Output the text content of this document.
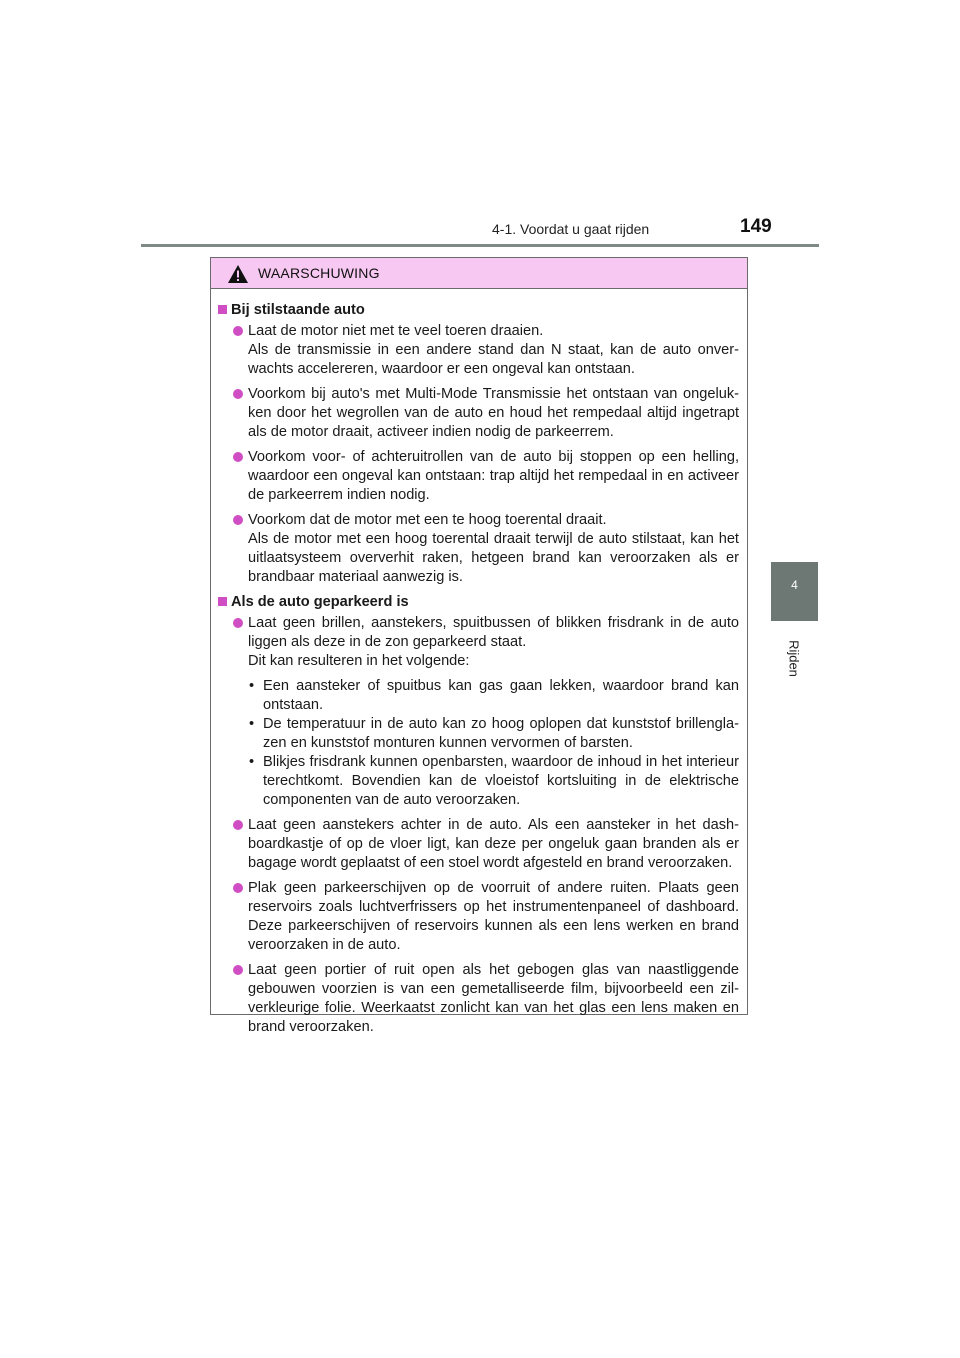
4-1. Voordat u gaat rijden	149
4
Rijden
WAARSCHUWING
Bij stilstaande auto

Laat de motor niet met te veel toeren draaien.

Als de transmissie in een andere stand dan N staat, kan de auto onverwachts accelereren, waardoor er een ongeval kan ontstaan.

Voorkom bij auto's met Multi-Mode Transmissie het ontstaan van ongelukken door het wegrollen van de auto en houd het rempedaal altijd ingetrapt als de motor draait, activeer indien nodig de parkeerrem.

Voorkom voor- of achteruitrollen van de auto bij stoppen op een helling, waardoor een ongeval kan ontstaan: trap altijd het rempedaal in en activeer de parkeerrem indien nodig.

Voorkom dat de motor met een te hoog toerental draait.

Als de motor met een hoog toerental draait terwijl de auto stilstaat, kan het uitlaatsysteem oververhit raken, hetgeen brand kan veroorzaken als er brandbaar materiaal aanwezig is.

Als de auto geparkeerd is

Laat geen brillen, aanstekers, spuitbussen of blikken frisdrank in de auto liggen als deze in de zon geparkeerd staat.

Dit kan resulteren in het volgende:

• Een aansteker of spuitbus kan gas gaan lekken, waardoor brand kan ontstaan.
• De temperatuur in de auto kan zo hoog oplopen dat kunststof brillenglazen en kunststof monturen kunnen vervormen of barsten.
• Blikjes frisdrank kunnen openbarsten, waardoor de inhoud in het interieur terechtkomt. Bovendien kan de vloeistof kortsluiting in de elektrische componenten van de auto veroorzaken.

Laat geen aanstekers achter in de auto. Als een aansteker in het dashboardkastje of op de vloer ligt, kan deze per ongeluk gaan branden als er bagage wordt geplaatst of een stoel wordt afgesteld en brand veroorzaken.

Plak geen parkeerschijven op de voorruit of andere ruiten. Plaats geen reservoirs zoals luchtverfrissers op het instrumentenpaneel of dashboard. Deze parkeerschijven of reservoirs kunnen als een lens werken en brand veroorzaken in de auto.

Laat geen portier of ruit open als het gebogen glas van naastliggende gebouwen voorzien is van een gemetalliseerde film, bijvoorbeeld een zilverkleurige folie. Weerkaatst zonlicht kan van het glas een lens maken en brand veroorzaken.
